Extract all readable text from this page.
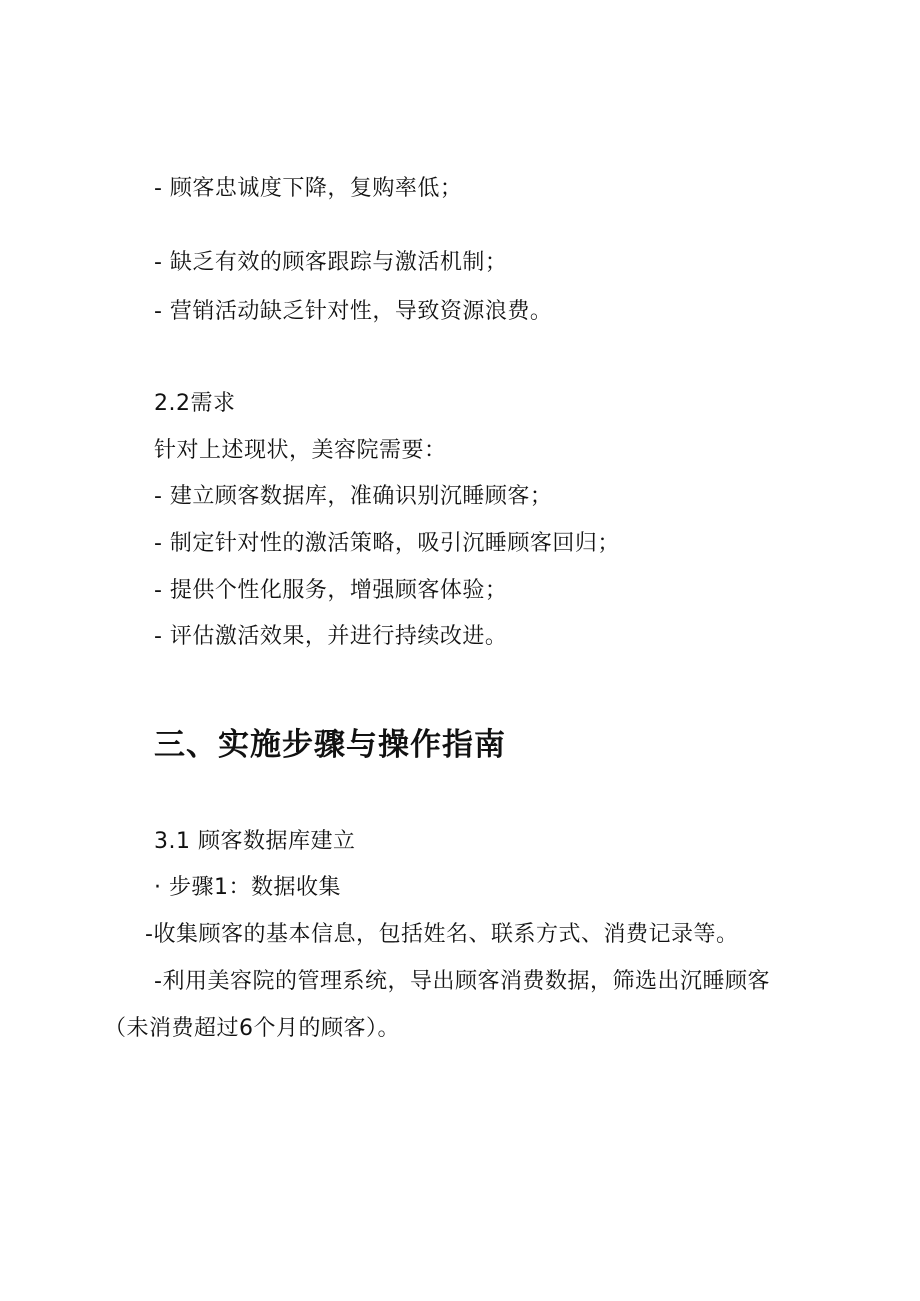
- 顾客忠诚度下降，复购率低；
- 缺乏有效的顾客跟踪与激活机制；
- 营销活动缺乏针对性，导致资源浪费。
2.2需求
针对上述现状，美容院需要：
- 建立顾客数据库，准确识别沉睡顾客；
- 制定针对性的激活策略，吸引沉睡顾客回归；
- 提供个性化服务，增强顾客体验；
- 评估激活效果，并进行持续改进。
三、实施步骤与操作指南
3.1 顾客数据库建立
· 步骤1：数据收集
-收集顾客的基本信息，包括姓名、联系方式、消费记录等。
-利用美容院的管理系统，导出顾客消费数据，筛选出沉睡顾客
（未消费超过6个月的顾客）。
